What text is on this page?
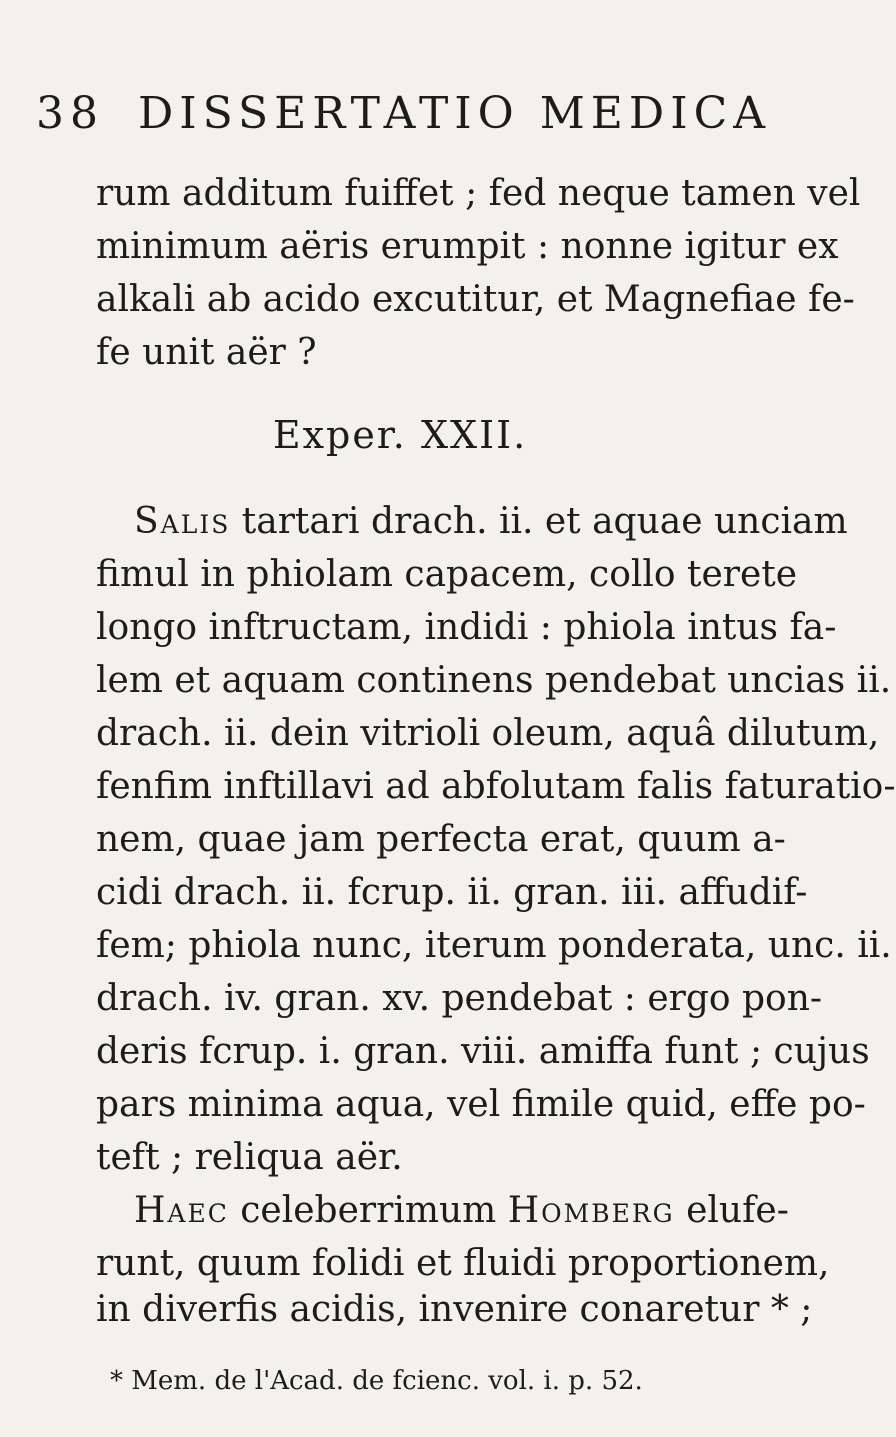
38 DISSERTATIO MEDICA
rum additum fuiffet ; fed neque tamen vel
minimum aëris erumpit : nonne igitur ex
alkali ab acido excutitur, et Magnefiae fe-
fe unit aër ?
Exper. XXII.
Salis tartari drach. ii. et aquae unciam
fimul in phiolam capacem, collo terete
longo inftructam, indidi : phiola intus fa-
lem et aquam continens pendebat uncias ii.
drach. ii. dein vitrioli oleum, aquâ dilutum,
fenfim inftillavi ad abfolutam falis faturatio-
nem, quae jam perfecta erat, quum a-
cidi drach. ii. fcrup. ii. gran. iii. affudif-
fem; phiola nunc, iterum ponderata, unc. ii.
drach. iv. gran. xv. pendebat : ergo pon-
deris fcrup. i. gran. viii. amiffa funt ; cujus
pars minima aqua, vel fimile quid, effe po-
teft ; reliqua aër.
Haec celeberrimum Homberg elufe-
runt, quum folidi et fluidi proportionem,
in diverfis acidis, invenire conaretur * ;
* Mem. de l'Acad. de fcienc. vol. i. p. 52.
